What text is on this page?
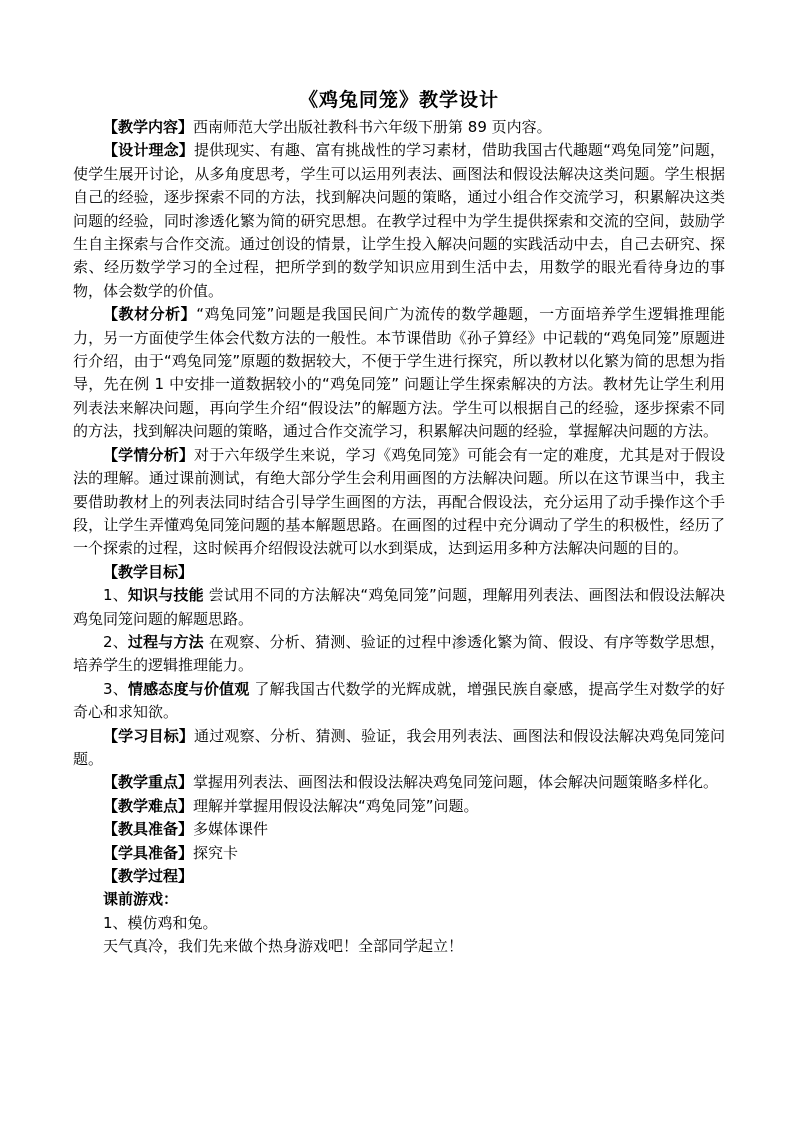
《鸡兔同笼》教学设计

【教学内容】西南师范大学出版社教科书六年级下册第 89 页内容。

【设计理念】提供现实、有趣、富有挑战性的学习素材，借助我国古代趣题“鸡兔同笼”问题，使学生展开讨论，从多角度思考，学生可以运用列表法、画图法和假设法解决这类问题。学生根据自己的经验，逐步探索不同的方法，找到解决问题的策略，通过小组合作交流学习，积累解决这类问题的经验，同时渗透化繁为简的研究思想。在教学过程中为学生提供探索和交流的空间，鼓励学生自主探索与合作交流。通过创设的情景，让学生投入解决问题的实践活动中去，自己去研究、探索、经历数学学习的全过程，把所学到的数学知识应用到生活中去，用数学的眼光看待身边的事物，体会数学的价值。

【教材分析】“鸡兔同笼”问题是我国民间广为流传的数学趣题，一方面培养学生逻辑推理能力，另一方面使学生体会代数方法的一般性。本节课借助《孙子算经》中记载的“鸡兔同笼”原题进行介绍，由于“鸡兔同笼”原题的数据较大，不便于学生进行探究，所以教材以化繁为简的思想为指导，先在例 1 中安排一道数据较小的“鸡兔同笼” 问题让学生探索解决的方法。教材先让学生利用列表法来解决问题，再向学生介绍“假设法”的解题方法。学生可以根据自己的经验，逐步探索不同的方法，找到解决问题的策略，通过合作交流学习，积累解决问题的经验，掌握解决问题的方法。

【学情分析】对于六年级学生来说，学习《鸡兔同笼》可能会有一定的难度，尤其是对于假设法的理解。通过课前测试，有绝大部分学生会利用画图的方法解决问题。所以在这节课当中，我主要借助教材上的列表法同时结合引导学生画图的方法，再配合假设法，充分运用了动手操作这个手段，让学生弄懂鸡兔同笼问题的基本解题思路。在画图的过程中充分调动了学生的积极性，经历了一个探索的过程，这时候再介绍假设法就可以水到渠成，达到运用多种方法解决问题的目的。

【教学目标】

1、知识与技能 尝试用不同的方法解决“鸡兔同笼”问题，理解用列表法、画图法和假设法解决鸡兔同笼问题的解题思路。

2、过程与方法 在观察、分析、猜测、验证的过程中渗透化繁为简、假设、有序等数学思想，培养学生的逻辑推理能力。

3、情感态度与价值观 了解我国古代数学的光辉成就，增强民族自豪感，提高学生对数学的好奇心和求知欲。

【学习目标】通过观察、分析、猜测、验证，我会用列表法、画图法和假设法解决鸡兔同笼问题。

【教学重点】掌握用列表法、画图法和假设法解决鸡兔同笼问题，体会解决问题策略多样化。

【教学难点】理解并掌握用假设法解决“鸡兔同笼”问题。

【教具准备】多媒体课件

【学具准备】探究卡

【教学过程】

课前游戏：

1、模仿鸡和兔。

天气真冷，我们先来做个热身游戏吧！全部同学起立！
